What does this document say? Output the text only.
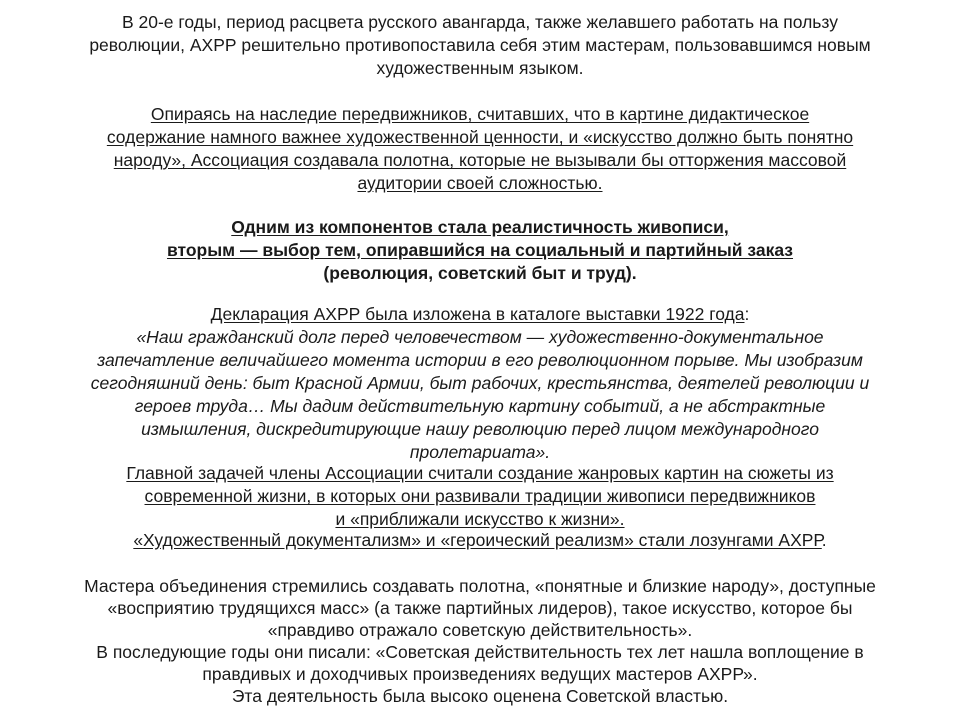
В 20-е годы, период расцвета русского авангарда, также желавшего работать на пользу
революции, АХРР решительно противопоставила себя этим мастерам, пользовавшимся новым
художественным языком.
Опираясь на наследие передвижников, считавших, что в картине дидактическое
содержание намного важнее художественной ценности, и «искусство должно быть понятно
народу», Ассоциация создавала полотна, которые не вызывали бы отторжения массовой
аудитории своей сложностью.
Одним из компонентов стала реалистичность живописи,
вторым — выбор тем, опиравшийся на социальный и партийный заказ
(революция, советский быт и труд).
Декларация АХРР была изложена в каталоге выставки 1922 года:
«Наш гражданский долг перед человечеством — художественно-документальное
запечатление величайшего момента истории в его революционном порыве. Мы изобразим
сегодняшний день: быт Красной Армии, быт рабочих, крестьянства, деятелей революции и
героев труда… Мы дадим действительную картину событий, а не абстрактные
измышления, дискредитирующие нашу революцию перед лицом международного
пролетариата».
Главной задачей члены Ассоциации считали создание жанровых картин на сюжеты из
современной жизни, в которых они развивали традиции живописи передвижников
и «приближали искусство к жизни».
«Художественный документализм» и «героический реализм» стали лозунгами АХРР.
Мастера объединения стремились создавать полотна, «понятные и близкие народу», доступные
«восприятию трудящихся масс» (а также партийных лидеров), такое искусство, которое бы
«правдиво отражало советскую действительность».
В последующие годы они писали: «Советская действительность тех лет нашла воплощение в
правдивых и доходчивых произведениях ведущих мастеров АХРР».
Эта деятельность была высоко оценена Советской властью.
